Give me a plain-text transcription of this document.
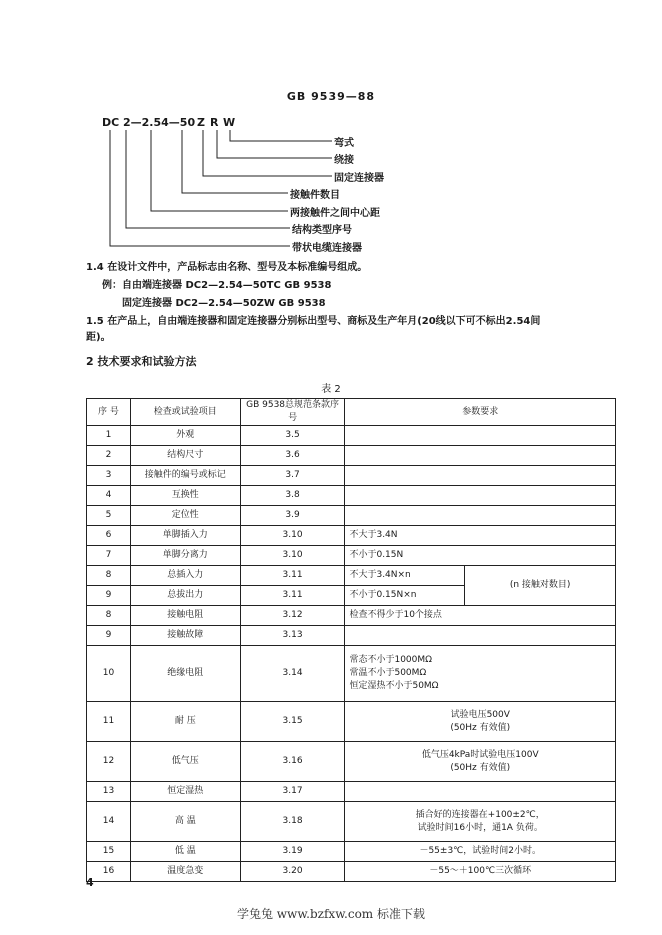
GB 9539—88
DC 2—2.54—50 Z R W
弯式
绕接
固定连接器
接触件数目
两接触件之间中心距
结构类型序号
带状电缆连接器
1.4 在设计文件中，产品标志由名称、型号及本标准编号组成。
例：自由端连接器 DC2—2.54—50TC GB 9538
固定连接器 DC2—2.54—50ZW GB 9538
1.5 在产品上，自由端连接器和固定连接器分别标出型号、商标及生产年月(20线以下可不标出2.54间
距)。
2 技术要求和试验方法
表 2
序 号	检查或试验项目	GB 9538总规范条款序号	参数要求	
1	外观	3.5		
2	结构尺寸	3.6		
3	接触件的编号或标记	3.7		
4	互换性	3.8		
5	定位性	3.9		
6	单脚插入力	3.10	不大于3.4N	
7	单脚分离力	3.10	不小于0.15N	
8	总插入力	3.11	不大于3.4N×n	(n 接触对数目)
9	总拔出力	3.11	不小于0.15N×n	
8	接触电阻	3.12	检查不得少于10个接点	
9	接触故障	3.13		
10	绝缘电阻	3.14	常态不小于1000MΩ
常温不小于500MΩ
恒定湿热不小于50MΩ	

11	耐 压	3.15	试验电压500V
(50Hz 有效值)	

12	低气压	3.16	低气压4kPa时试验电压100V
(50Hz 有效值)	

13	恒定湿热	3.17		
14	高 温	3.18	插合好的连接器在+100±2℃，
试验时间16小时，通1A 负荷。	

15	低 温	3.19	－55±3℃，试验时间2小时。	
16	温度急变	3.20	－55～＋100℃三次循环	
4
学兔兔 www.bzfxw.com 标准下载
